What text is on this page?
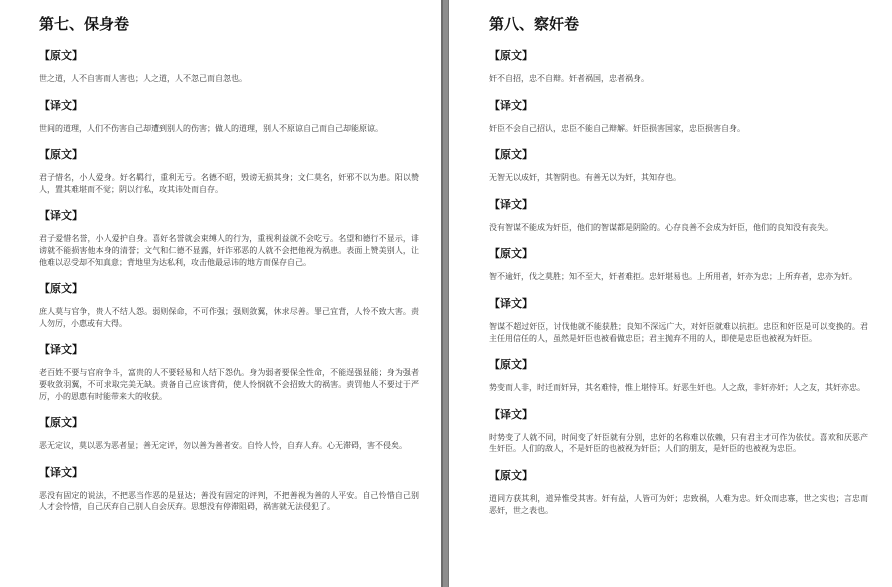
第七、保身卷
【原文】
世之道，人不自害而人害也；人之道，人不忽己而自忽也。
【译文】
世间的道理，人们不伤害自己却遭到别人的伤害；做人的道理，别人不原谅自己而自己却能原谅。
【原文】
君子惜名，小人爱身。好名羁行，重利无亏。名德不昭，毁谤无损其身；文仁莫名，奸邪不以为患。阳以赞人，置其难堪而不觉；阴以行私，攻其讳处而自存。
【译文】
君子爱惜名誉，小人爱护自身。喜好名誉就会束缚人的行为，重视利益就不会吃亏。名望和德行不显示，诽谤就不能损害他本身的清誉；文气和仁德不显露，奸诈邪恶的人就不会把他视为祸患。表面上赞美别人，让他难以忍受却不知真意；背地里为达私利，攻击他最忌讳的地方而保存自己。
【原文】
庶人莫与官争，贵人不结人怨。弱则保命，不可作强；强则敛翼，休求尽善。罪己宜背，人怜不致大害。责人勿厉，小惠或有大得。
【译文】
老百姓不要与官府争斗，富贵的人不要轻易和人结下怨仇。身为弱者要保全性命，不能逞强显能；身为强者要收敛羽翼，不可求取完美无缺。责备自己应该背荷，使人怜悯就不会招致大的祸害。责罚他人不要过于严厉，小的恩惠有时能带来大的收获。
【原文】
恶无定议，莫以恶为恶者显；善无定评，勿以善为善者安。自怜人怜，自弃人弃。心无滞碍，害不侵矣。
【译文】
恶没有固定的说法，不把恶当作恶的是显达；善没有固定的评判，不把善视为善的人平安。自己怜惜自己别人才会怜惜，自己厌弃自己别人自会厌弃。思想没有停滞阻碍，祸害就无法侵犯了。
第八、察奸卷
【原文】
奸不自招，忠不自辩。奸者祸国，忠者祸身。
【译文】
奸臣不会自己招认，忠臣不能自己辩解。奸臣损害国家，忠臣损害自身。
【原文】
无智无以成奸，其智阴也。有善无以为奸，其知存也。
【译文】
没有智谋不能成为奸臣，他们的智谋都是阴险的。心存良善不会成为奸臣，他们的良知没有丧失。
【原文】
智不逾奸，伐之莫胜；知不至大，奸者难拒。忠奸堪易也。上所用者，奸亦为忠；上所弃者，忠亦为奸。
【译文】
智谋不超过奸臣，讨伐他就不能获胜；良知不深远广大，对奸臣就难以抗拒。忠臣和奸臣是可以变换的。君主任用信任的人，虽然是奸臣也被看做忠臣；君主抛弃不用的人，即使是忠臣也被视为奸臣。
【原文】
势变而人非，时迁而奸异，其名难恃，惟上堪恃耳。好恶生奸也。人之敌，非奸亦奸；人之友，其奸亦忠。
【译文】
时势变了人就不同，时间变了奸臣就有分别，忠奸的名称难以依赖，只有君主才可作为依仗。喜欢和厌恶产生奸臣。人们的敌人，不是奸臣的也被视为奸臣；人们的朋友，是奸臣的也被视为忠臣。
【原文】
道同方获其利，道异惟受其害。奸有益，人皆可为奸；忠致祸，人难为忠。奸众而忠寡，世之实也；言忠而恶奸，世之表也。
